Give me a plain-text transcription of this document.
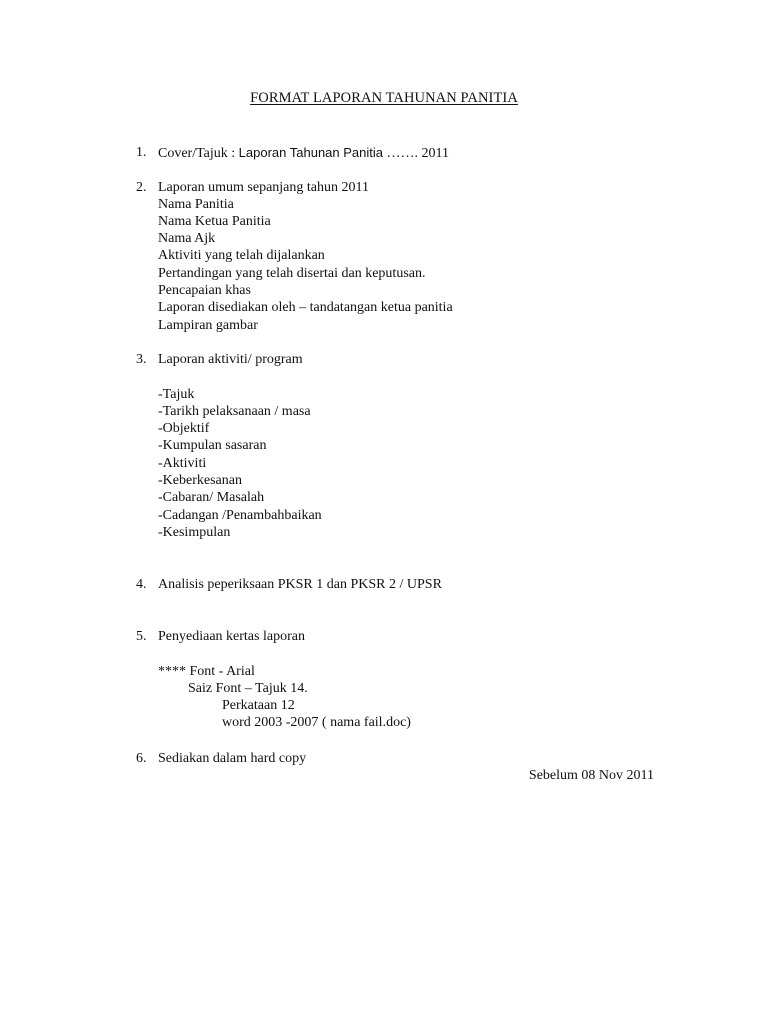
FORMAT LAPORAN TAHUNAN PANITIA
1. Cover/Tajuk : Laporan Tahunan Panitia ……. 2011
2. Laporan umum sepanjang tahun 2011
Nama Panitia
Nama Ketua Panitia
Nama Ajk
Aktiviti yang telah dijalankan
Pertandingan yang telah disertai dan keputusan.
Pencapaian khas
Laporan disediakan oleh – tandatangan ketua panitia
Lampiran gambar
3. Laporan aktiviti/ program
-Tajuk
-Tarikh pelaksanaan / masa
-Objektif
-Kumpulan sasaran
-Aktiviti
-Keberkesanan
-Cabaran/ Masalah
-Cadangan /Penambahbaikan
-Kesimpulan
4. Analisis peperiksaan PKSR 1 dan PKSR 2 / UPSR
5. Penyediaan kertas laporan
**** Font - Arial
Saiz Font – Tajuk 14.
Perkataan 12
word 2003 -2007 ( nama fail.doc)
6. Sediakan dalam hard copy
Sebelum 08 Nov 2011
